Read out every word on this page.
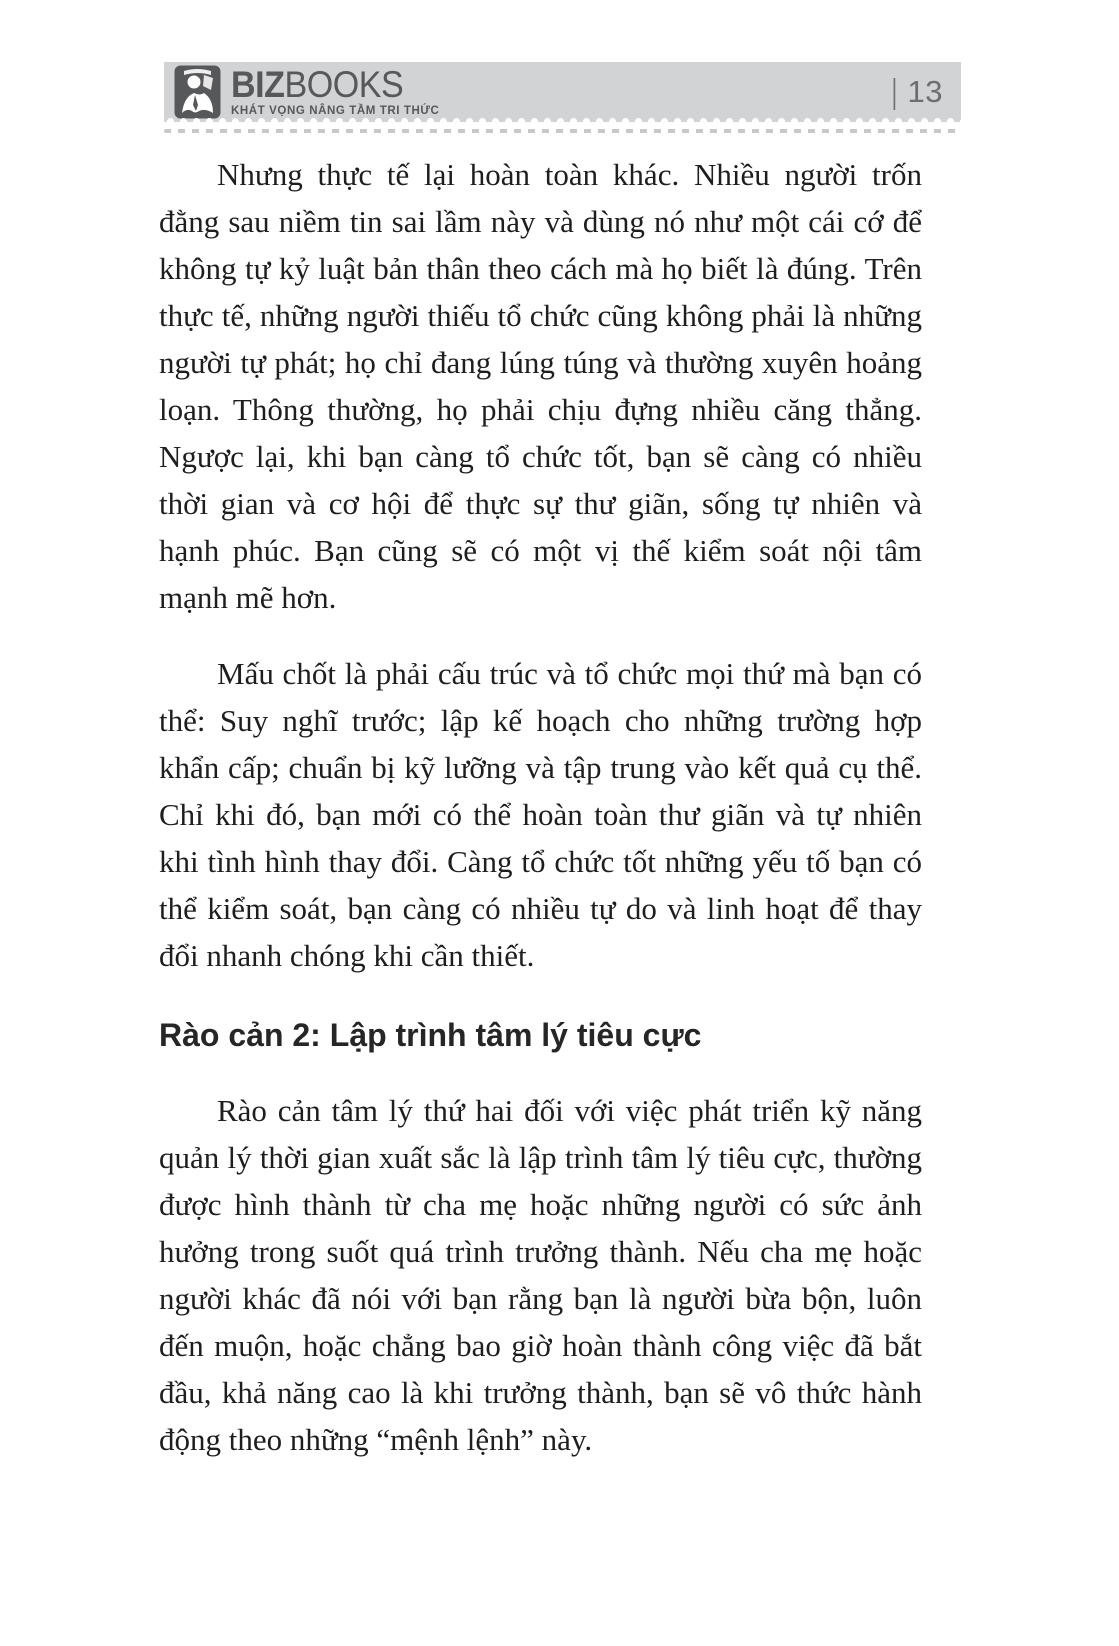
BIZBOOKS
KHÁT VỌNG NÂNG TẦM TRI THỨC	| 13

Nhưng thực tế lại hoàn toàn khác. Nhiều người trốn đằng sau niềm tin sai lầm này và dùng nó như một cái cớ để không tự kỷ luật bản thân theo cách mà họ biết là đúng. Trên thực tế, những người thiếu tổ chức cũng không phải là những người tự phát; họ chỉ đang lúng túng và thường xuyên hoảng loạn. Thông thường, họ phải chịu đựng nhiều căng thẳng. Ngược lại, khi bạn càng tổ chức tốt, bạn sẽ càng có nhiều thời gian và cơ hội để thực sự thư giãn, sống tự nhiên và hạnh phúc. Bạn cũng sẽ có một vị thế kiểm soát nội tâm mạnh mẽ hơn.

Mấu chốt là phải cấu trúc và tổ chức mọi thứ mà bạn có thể: Suy nghĩ trước; lập kế hoạch cho những trường hợp khẩn cấp; chuẩn bị kỹ lưỡng và tập trung vào kết quả cụ thể. Chỉ khi đó, bạn mới có thể hoàn toàn thư giãn và tự nhiên khi tình hình thay đổi. Càng tổ chức tốt những yếu tố bạn có thể kiểm soát, bạn càng có nhiều tự do và linh hoạt để thay đổi nhanh chóng khi cần thiết.

Rào cản 2: Lập trình tâm lý tiêu cực

Rào cản tâm lý thứ hai đối với việc phát triển kỹ năng quản lý thời gian xuất sắc là lập trình tâm lý tiêu cực, thường được hình thành từ cha mẹ hoặc những người có sức ảnh hưởng trong suốt quá trình trưởng thành. Nếu cha mẹ hoặc người khác đã nói với bạn rằng bạn là người bừa bộn, luôn đến muộn, hoặc chẳng bao giờ hoàn thành công việc đã bắt đầu, khả năng cao là khi trưởng thành, bạn sẽ vô thức hành động theo những “mệnh lệnh” này.
